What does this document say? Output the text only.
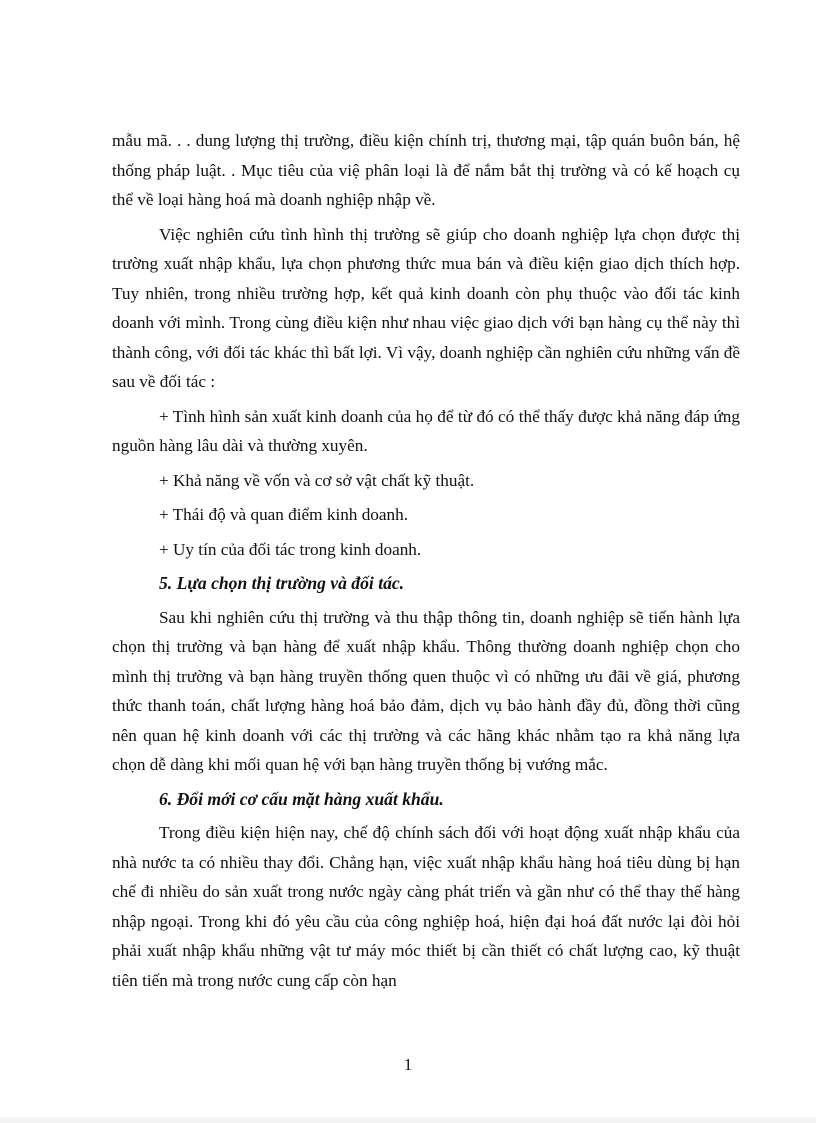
mẫu mã. . . dung lượng thị trường, điều kiện chính trị, thương mại, tập quán buôn bán, hệ thống pháp luật. . Mục tiêu của việ phân loại là để nắm bắt thị trường và có kế hoạch cụ thể về loại hàng hoá mà doanh nghiệp nhập về.

Việc nghiên cứu tình hình thị trường sẽ giúp cho doanh nghiệp lựa chọn được thị trường xuất nhập khẩu, lựa chọn phương thức mua bán và điều kiện giao dịch thích hợp. Tuy nhiên, trong nhiều trường hợp, kết quả kinh doanh còn phụ thuộc vào đối tác kinh doanh với mình. Trong cùng điều kiện như nhau việc giao dịch với bạn hàng cụ thể này thì thành công, với đối tác khác thì bất lợi. Vì vậy, doanh nghiệp cần nghiên cứu những vấn đề sau về đối tác :

+ Tình hình sản xuất kinh doanh của họ để từ đó có thể thấy được khả năng đáp ứng nguồn hàng lâu dài và thường xuyên.

+ Khả năng về vốn và cơ sở vật chất kỹ thuật.

+ Thái độ và quan điểm kinh doanh.

+ Uy tín của đối tác trong kinh doanh.

5. Lựa chọn thị trường và đối tác.

Sau khi nghiên cứu thị trường và thu thập thông tin, doanh nghiệp sẽ tiến hành lựa chọn thị trường và bạn hàng để xuất nhập khẩu. Thông thường doanh nghiệp chọn cho mình thị trường và bạn hàng truyền thống quen thuộc vì có những ưu đãi về giá, phương thức thanh toán, chất lượng hàng hoá bảo đảm, dịch vụ bảo hành đầy đủ, đồng thời cũng nên quan hệ kinh doanh với các thị trường và các hãng khác nhằm tạo ra khả năng lựa chọn dễ dàng khi mối quan hệ với bạn hàng truyền thống bị vướng mắc.

6. Đổi mới cơ cấu mặt hàng xuất khẩu.

Trong điều kiện hiện nay, chế độ chính sách đối với hoạt động xuất nhập khẩu của nhà nước ta có nhiều thay đổi. Chẳng hạn, việc xuất nhập khẩu hàng hoá tiêu dùng bị hạn chế đi nhiều do sản xuất trong nước ngày càng phát triển và gần như có thể thay thế hàng nhập ngoại. Trong khi đó yêu cầu của công nghiệp hoá, hiện đại hoá đất nước lại đòi hỏi phải xuất nhập khẩu những vật tư máy móc thiết bị cần thiết có chất lượng cao, kỹ thuật tiên tiến mà trong nước cung cấp còn hạn

1
